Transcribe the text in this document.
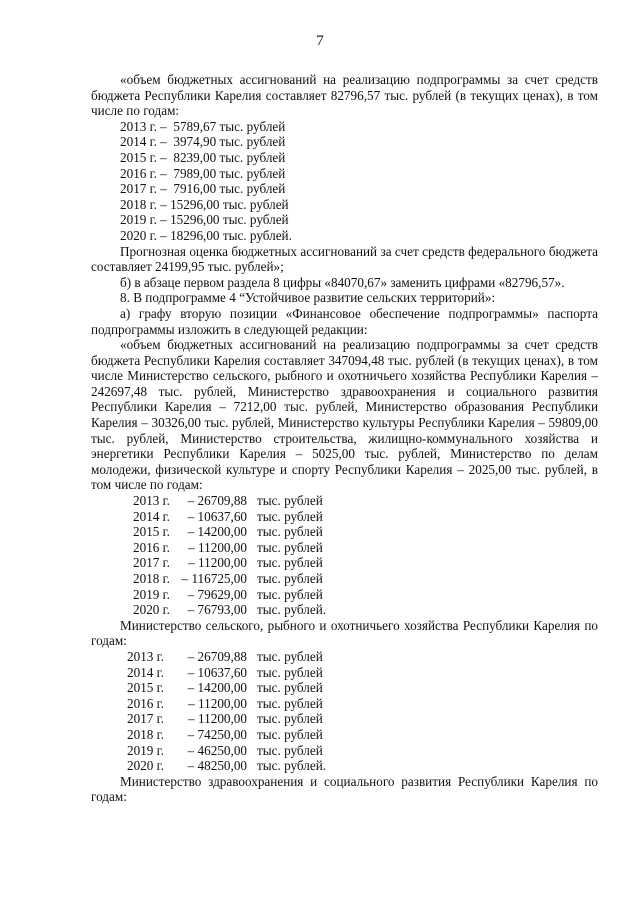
7

«объем бюджетных ассигнований на реализацию подпрограммы за счет средств бюджета Республики Карелия составляет 82796,57 тыс. рублей (в текущих ценах), в том числе по годам:

2013 г. –  5789,67 тыс. рублей
2014 г. –  3974,90 тыс. рублей
2015 г. –  8239,00 тыс. рублей
2016 г. –  7989,00 тыс. рублей
2017 г. –  7916,00 тыс. рублей
2018 г. – 15296,00 тыс. рублей
2019 г. – 15296,00 тыс. рублей
2020 г. – 18296,00 тыс. рублей.

Прогнозная оценка бюджетных ассигнований за счет средств федерального бюджета составляет 24199,95 тыс. рублей»;

б) в абзаце первом раздела 8 цифры «84070,67» заменить цифрами «82796,57».

8. В подпрограмме 4 “Устойчивое развитие сельских территорий»:

а) графу вторую позиции «Финансовое обеспечение подпрограммы» паспорта подпрограммы изложить в следующей редакции:

«объем бюджетных ассигнований на реализацию подпрограммы за счет средств бюджета Республики Карелия составляет 347094,48 тыс. рублей (в текущих ценах), в том числе Министерство сельского, рыбного и охотничьего хозяйства Республики Карелия – 242697,48 тыс. рублей, Министерство здравоохранения и социального развития Республики Карелия – 7212,00 тыс. рублей, Министерство образования Республики Карелия – 30326,00 тыс. рублей, Министерство культуры Республики Карелия – 59809,00 тыс. рублей, Министерство строительства, жилищно-коммунального хозяйства и энергетики Республики Карелия – 5025,00 тыс. рублей, Министерство по делам молодежи, физической культуре и спорту Республики Карелия – 2025,00 тыс. рублей, в том числе по годам:

2013 г.	– 26709,88 тыс. рублей
2014 г.	– 10637,60 тыс. рублей
2015 г.	– 14200,00 тыс. рублей
2016 г.	– 11200,00 тыс. рублей
2017 г.	– 11200,00 тыс. рублей
2018 г. – 116725,00 тыс. рублей
2019 г.	– 79629,00 тыс. рублей
2020 г.	– 76793,00 тыс. рублей.

Министерство сельского, рыбного и охотничьего хозяйства Республики Карелия по годам:

2013 г.	– 26709,88 тыс. рублей
2014 г.	– 10637,60 тыс. рублей
2015 г.	– 14200,00 тыс. рублей
2016 г.	– 11200,00 тыс. рублей
2017 г.	– 11200,00 тыс. рублей
2018 г.	– 74250,00 тыс. рублей
2019 г.	– 46250,00 тыс. рублей
2020 г.	– 48250,00 тыс. рублей.

Министерство здравоохранения и социального развития Республики Карелия по годам:
